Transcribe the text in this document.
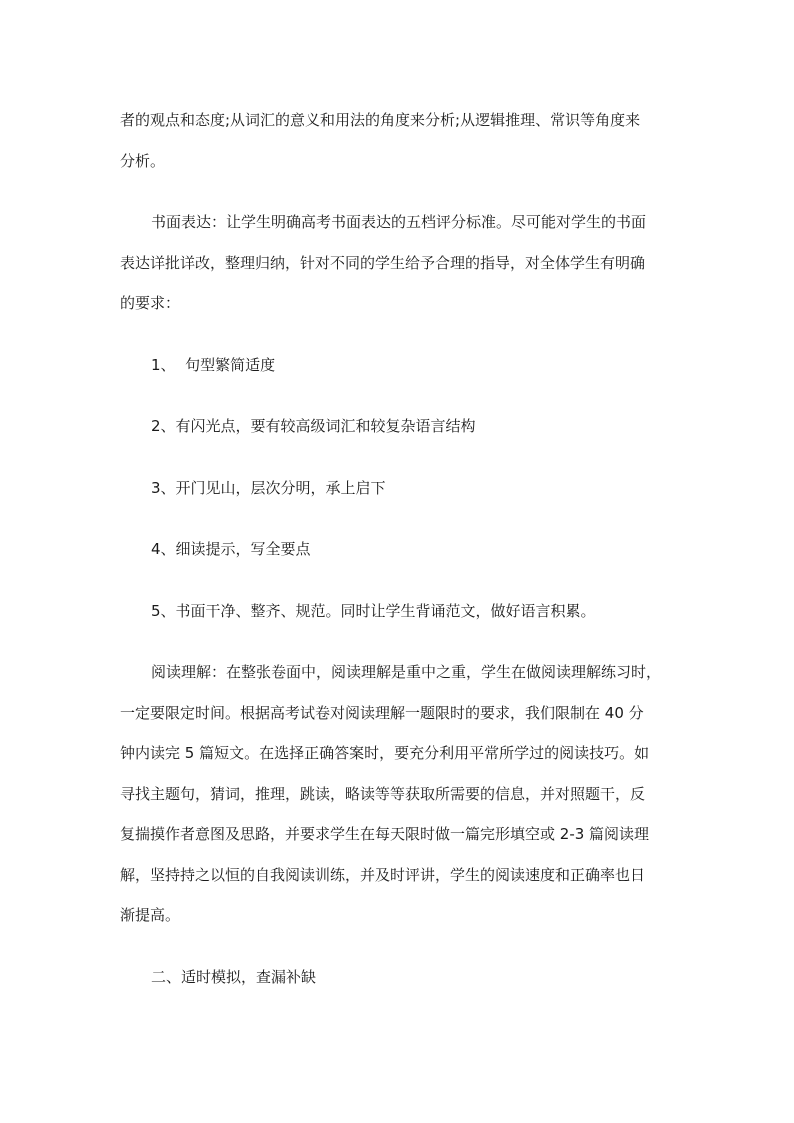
者的观点和态度;从词汇的意义和用法的角度来分析;从逻辑推理、常识等角度来

分析。

书面表达：让学生明确高考书面表达的五档评分标准。尽可能对学生的书面

表达详批详改，整理归纳，针对不同的学生给予合理的指导，对全体学生有明确

的要求：

1、  句型繁简适度

2、有闪光点，要有较高级词汇和较复杂语言结构

3、开门见山，层次分明，承上启下

4、细读提示，写全要点

5、书面干净、整齐、规范。同时让学生背诵范文，做好语言积累。

阅读理解：在整张卷面中，阅读理解是重中之重，学生在做阅读理解练习时，

一定要限定时间。根据高考试卷对阅读理解一题限时的要求，我们限制在 40 分

钟内读完 5 篇短文。在选择正确答案时，要充分利用平常所学过的阅读技巧。如

寻找主题句，猜词，推理，跳读，略读等等获取所需要的信息，并对照题干，反

复揣摸作者意图及思路，并要求学生在每天限时做一篇完形填空或 2-3 篇阅读理

解，坚持持之以恒的自我阅读训练，并及时评讲，学生的阅读速度和正确率也日

渐提高。

二、适时模拟，查漏补缺
